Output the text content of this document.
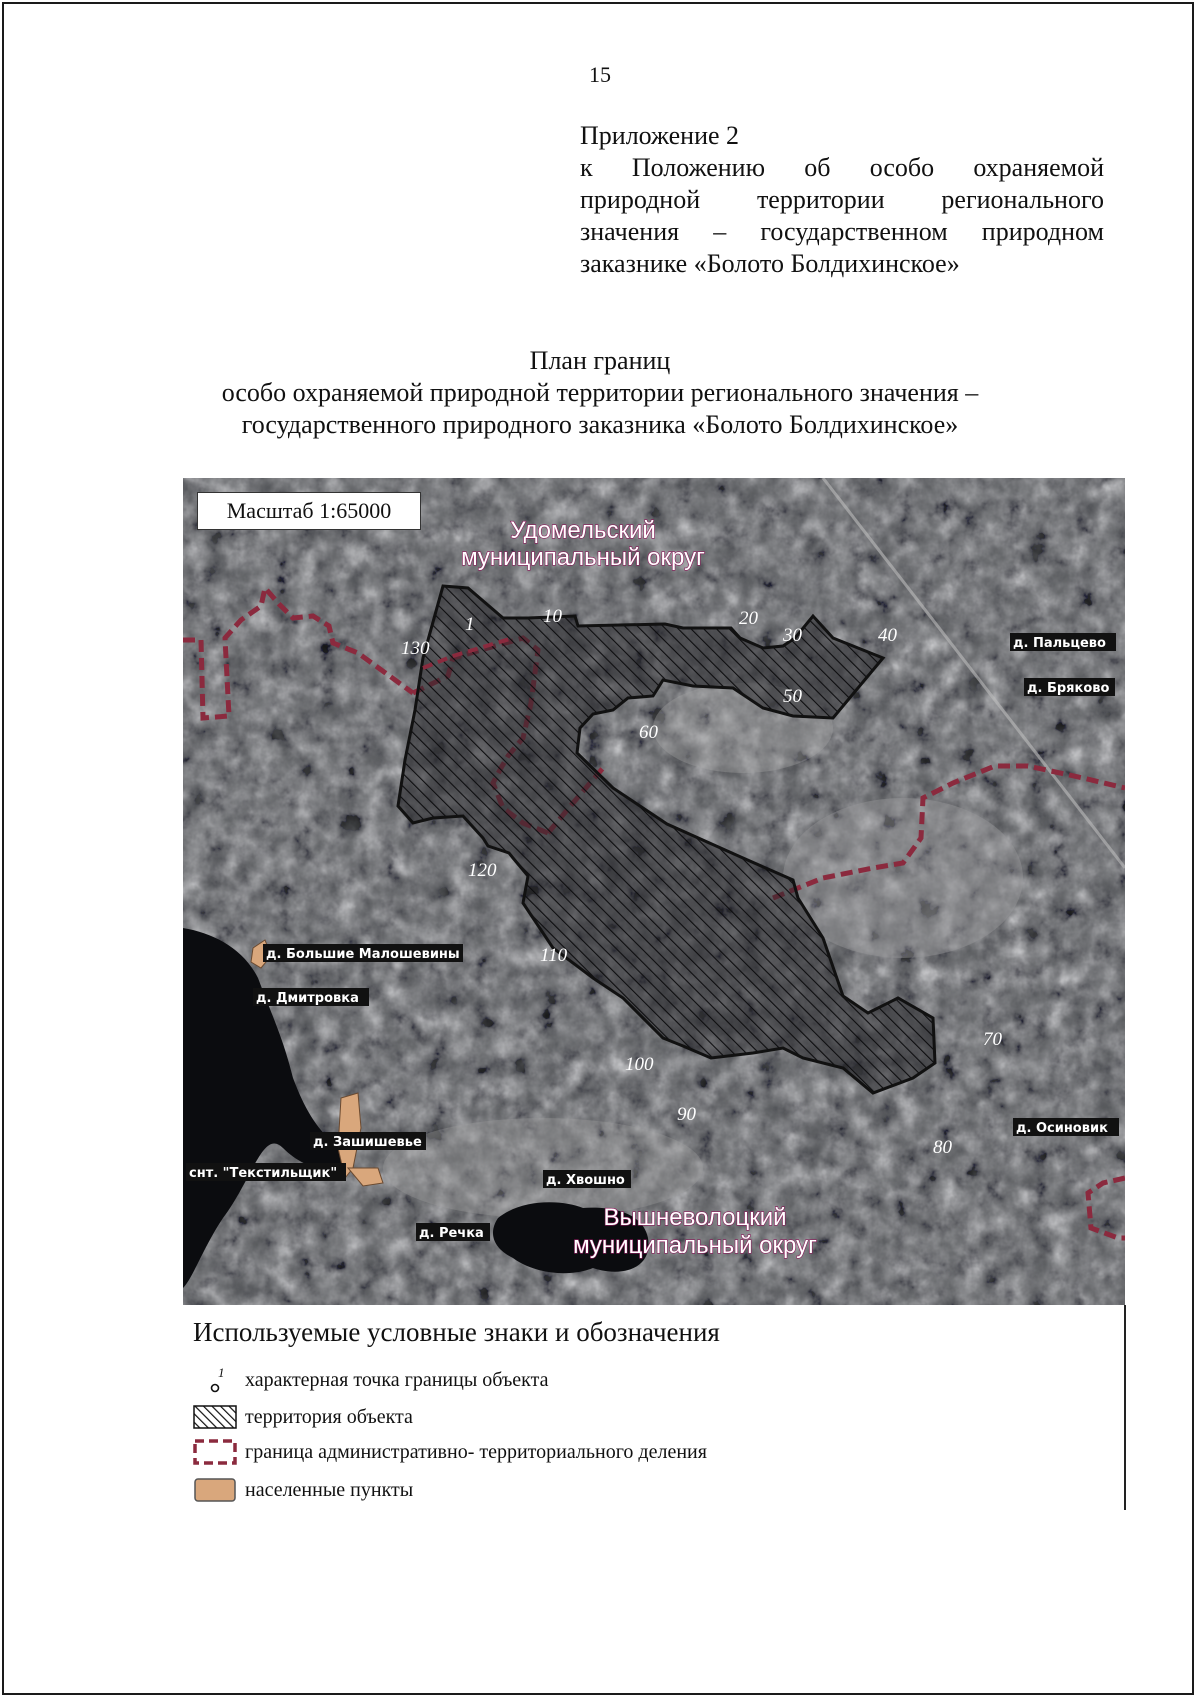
15
Приложение 2
к Положению об особо охраняемой
природной территории регионального
значения – государственном природном
заказнике «Болото Болдихинское»
План границ
особо охраняемой природной территории регионального значения –
государственного природного заказника «Болото Болдихинское»
1	10	20
30	40
50
60
70
80
90
100
110
120
130
Удомельский
муниципальный округ
Вышневолоцкий
муниципальный округ
д. Пальцево
д. Бряково
д. Большие Малошевины
д. Дмитровка
д. Зашишевье
снт. "Текстильщик"	д. Хвошно
д. Речка
д. Осиновик
Масштаб 1:65000
Используемые условные знаки и обозначения
1 характерная точка границы объекта
территория объекта
граница административно- территориального деления
населенные пункты
